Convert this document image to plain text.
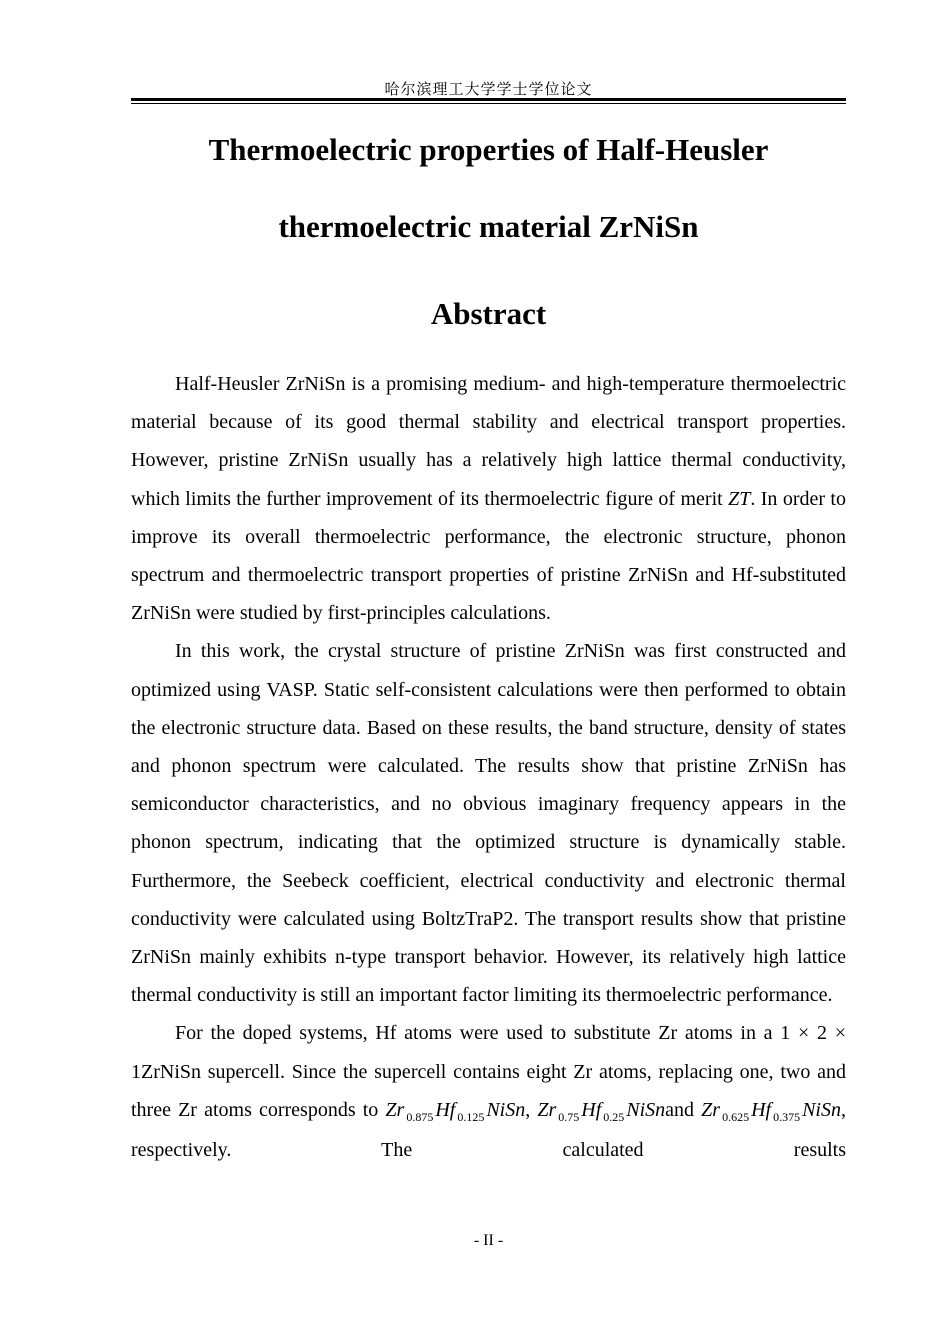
哈尔滨理工大学学士学位论文
Thermoelectric properties of Half-Heusler
thermoelectric material ZrNiSn
Abstract

Half-Heusler ZrNiSn is a promising medium- and high-temperature thermoelectric material because of its good thermal stability and electrical transport properties. However, pristine ZrNiSn usually has a relatively high lattice thermal conductivity, which limits the further improvement of its thermoelectric figure of merit ZT. In order to improve its overall thermoelectric performance, the electronic structure, phonon spectrum and thermoelectric transport properties of pristine ZrNiSn and Hf-substituted ZrNiSn were studied by first-principles calculations.

In this work, the crystal structure of pristine ZrNiSn was first constructed and optimized using VASP. Static self-consistent calculations were then performed to obtain the electronic structure data. Based on these results, the band structure, density of states and phonon spectrum were calculated. The results show that pristine ZrNiSn has semiconductor characteristics, and no obvious imaginary frequency appears in the phonon spectrum, indicating that the optimized structure is dynamically stable. Furthermore, the Seebeck coefficient, electrical conductivity and electronic thermal conductivity were calculated using BoltzTraP2. The transport results show that pristine ZrNiSn mainly exhibits n-type transport behavior. However, its relatively high lattice thermal conductivity is still an important factor limiting its thermoelectric performance.

For the doped systems, Hf atoms were used to substitute Zr atoms in a 1 × 2 × 1ZrNiSn supercell. Since the supercell contains eight Zr atoms, replacing one, two and three Zr atoms corresponds to Zr $_{0.875}$ Hf $_{0.125}$ NiSn, Zr $_{0.75}$ Hf $_{0.25}$ NiSnand Zr $_{0.625}$ Hf $_{0.375}$ NiSn, respectively. The calculated results

- II -
